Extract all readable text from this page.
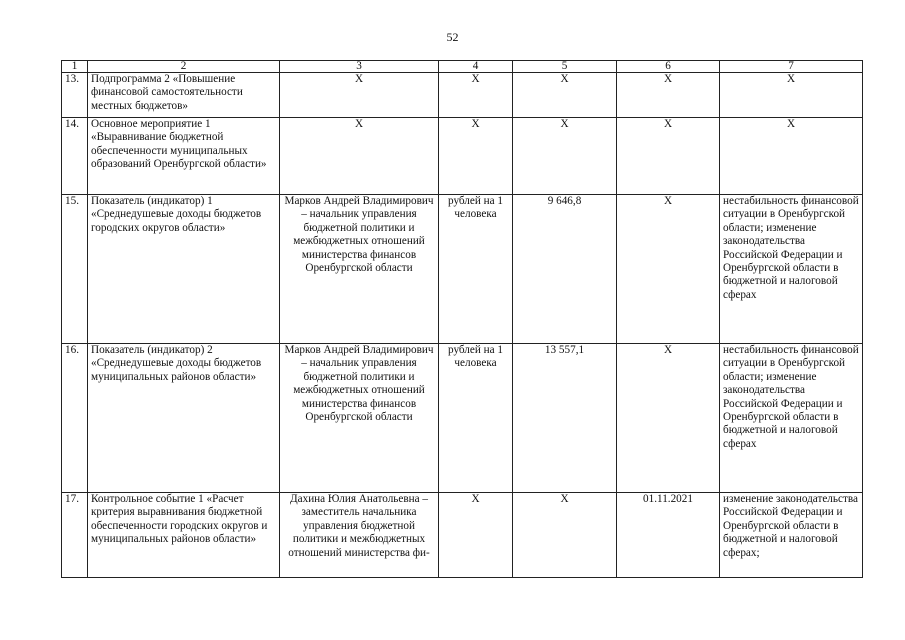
52
1	2	3	4	5	6	7
13.	Подпрограмма 2 «Повышение финансовой самостоятельности местных бюджетов»	Х	Х	Х	Х	Х
14.	Основное мероприятие 1 «Выравнивание бюджетной обеспеченности муниципальных образований Оренбургской области»	Х	Х	Х	Х	Х
15.	Показатель (индикатор) 1 «Среднедушевые доходы бюджетов городских округов области»	Марков Андрей Владимирович – начальник управления бюджетной политики и межбюджетных отношений министерства финансов Оренбургской области	рублей на 1 человека	9 646,8	Х	нестабильность финансовой ситуации в Оренбургской области; изменение законодательства Российской Федерации и Оренбургской области в бюджетной и налоговой сферах
16.	Показатель (индикатор) 2 «Среднедушевые доходы бюджетов муниципальных районов области»	Марков Андрей Владимирович – начальник управления бюджетной политики и межбюджетных отношений министерства финансов Оренбургской области	рублей на 1 человека	13 557,1	Х	нестабильность финансовой ситуации в Оренбургской области; изменение законодательства Российской Федерации и Оренбургской области в бюджетной и налоговой сферах
17.	Контрольное событие 1 «Расчет критерия выравнивания бюджетной обеспеченности городских округов и муниципальных районов области»	Дахина Юлия Анатольевна – заместитель начальника управления бюджетной политики и межбюджетных отношений министерства фи-	Х	Х	01.11.2021	изменение законодательства Российской Федерации и Оренбургской области в бюджетной и налоговой сферах;
